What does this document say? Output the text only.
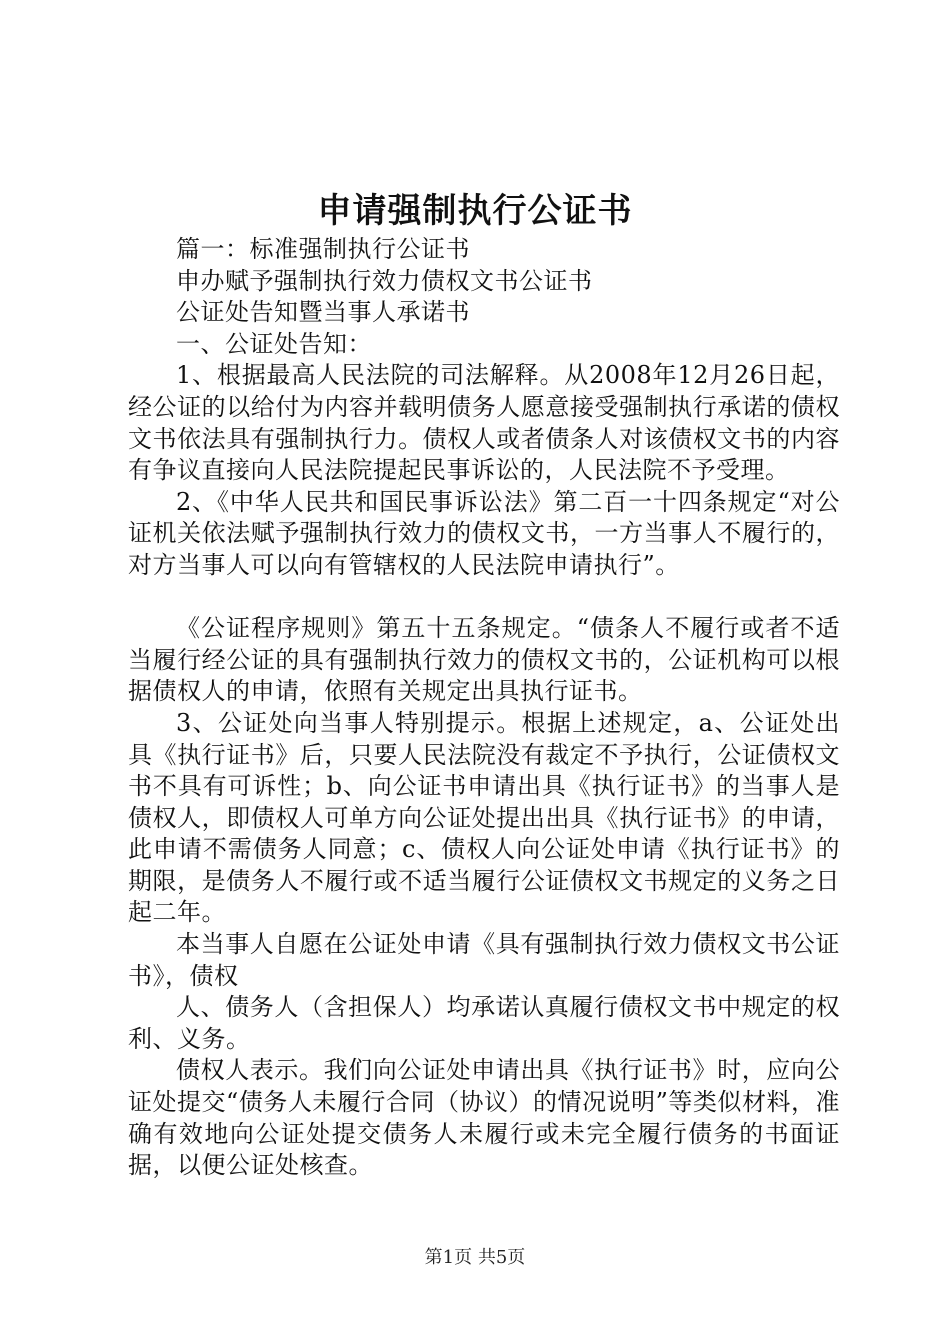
申请强制执行公证书

篇一：标准强制执行公证书

申办赋予强制执行效力债权文书公证书

公证处告知暨当事人承诺书

一、公证处告知：

1、根据最高人民法院的司法解释。从2008年12月26日起，经公证的以给付为内容并载明债务人愿意接受强制执行承诺的债权文书依法具有强制执行力。债权人或者债条人对该债权文书的内容有争议直接向人民法院提起民事诉讼的，人民法院不予受理。

2、《中华人民共和国民事诉讼法》第二百一十四条规定“对公证机关依法赋予强制执行效力的债权文书，一方当事人不履行的，对方当事人可以向有管辖权的人民法院申请执行”。

《公证程序规则》第五十五条规定。“债条人不履行或者不适当履行经公证的具有强制执行效力的债权文书的，公证机构可以根据债权人的申请，依照有关规定出具执行证书。

3、公证处向当事人特别提示。根据上述规定，a、公证处出具《执行证书》后，只要人民法院没有裁定不予执行，公证债权文书不具有可诉性；b、向公证书申请出具《执行证书》的当事人是债权人，即债权人可单方向公证处提出出具《执行证书》的申请，此申请不需债务人同意；c、债权人向公证处申请《执行证书》的期限，是债务人不履行或不适当履行公证债权文书规定的义务之日起二年。

本当事人自愿在公证处申请《具有强制执行效力债权文书公证书》，债权

人、债务人（含担保人）均承诺认真履行债权文书中规定的权利、义务。

债权人表示。我们向公证处申请出具《执行证书》时，应向公证处提交“债务人未履行合同（协议）的情况说明”等类似材料，准确有效地向公证处提交债务人未履行或未完全履行债务的书面证据，以便公证处核查。

第1页 共5页
